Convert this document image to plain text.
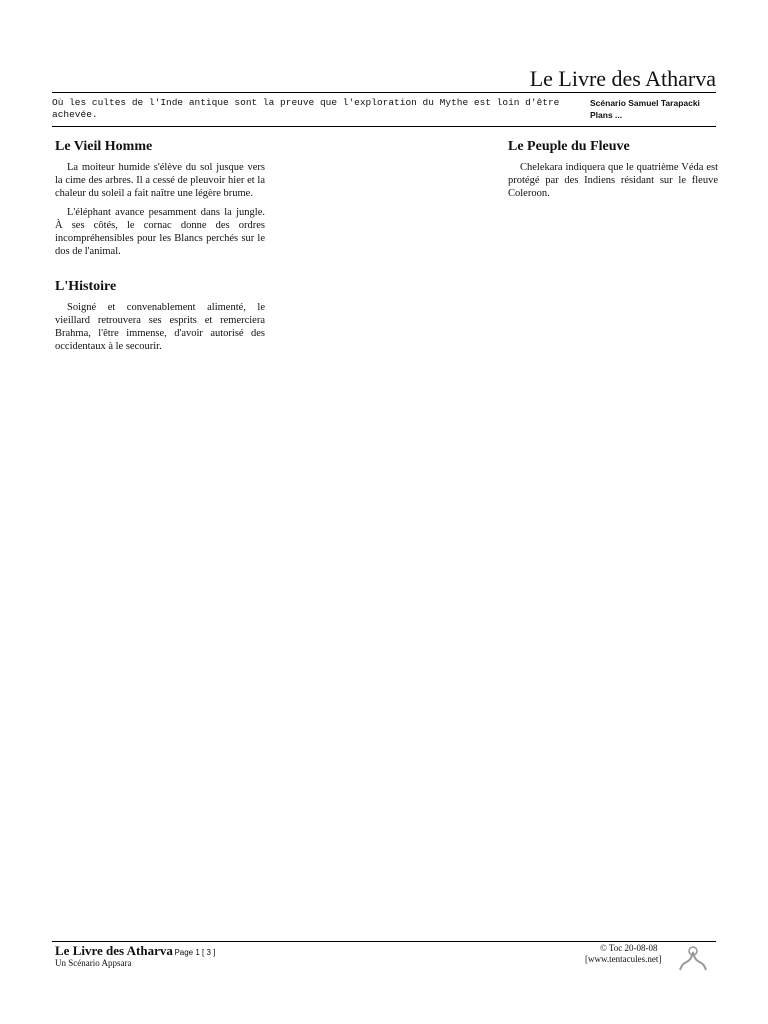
Le Livre des Atharva
Où les cultes de l'Inde antique sont la preuve que l'exploration du Mythe est loin d'être achevée.
Scénario Samuel Tarapacki
Plans ...
Le Vieil Homme

La moiteur humide s'élève du sol jusque vers la cime des arbres. Il a cessé de pleuvoir hier et la chaleur du soleil a fait naître une légère brume.

L'éléphant avance pesamment dans la jungle. À ses côtés, le cornac donne des ordres incompréhensibles pour les Blancs perchés sur le dos de l'animal.

L'Histoire

Soigné et convenablement alimenté, le vieillard retrouvera ses esprits et remerciera Brahma, l'être immense, d'avoir autorisé des occidentaux à le secourir.

Le Peuple du Fleuve

Chelekara indiquera que le quatrième Véda est protégé par des Indiens résidant sur le fleuve Coleroon.

Le Livre des Atharva
. Page 1 [ 3 ]
Un Scénario Appsara
© Toc 20-08-08
[www.tentacules.net]
